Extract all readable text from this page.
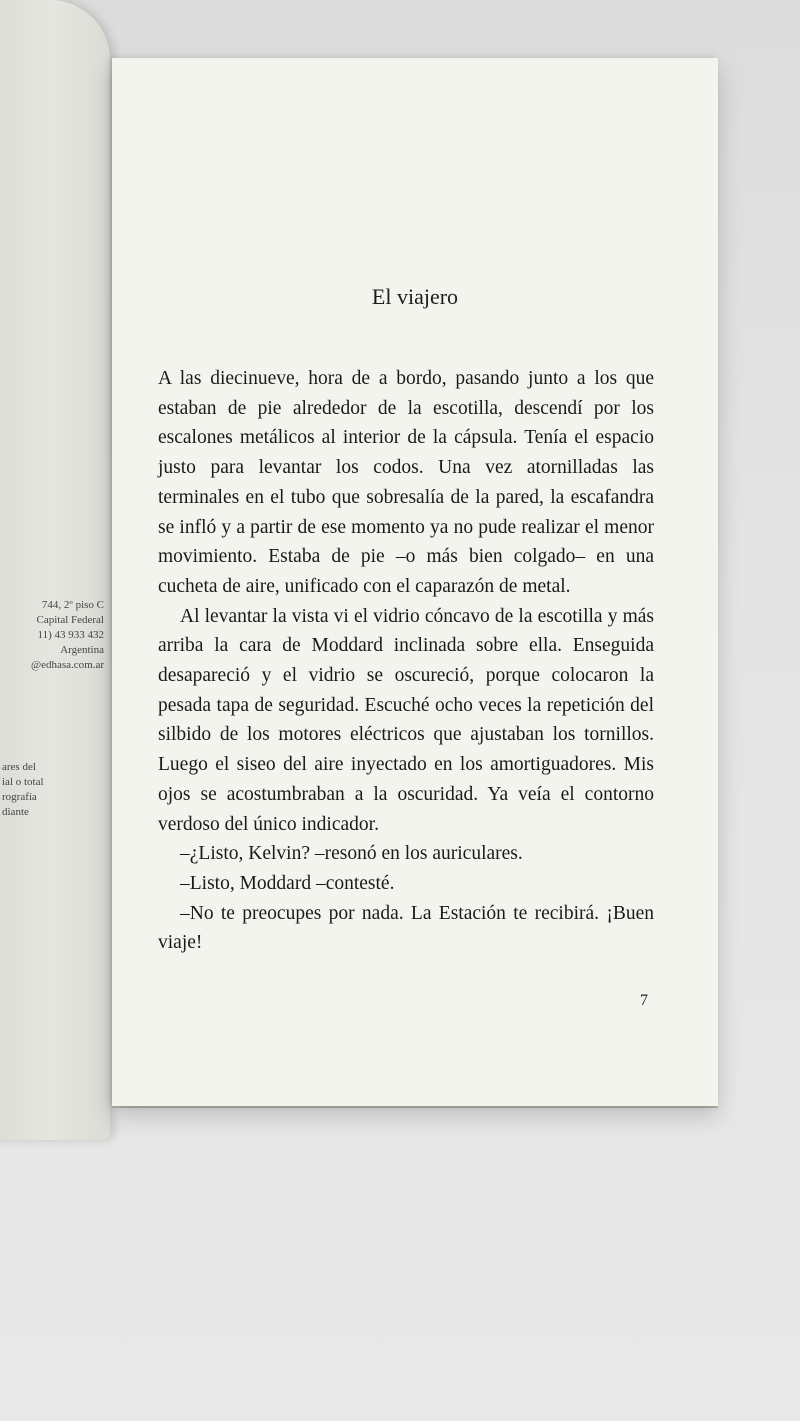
744, 2º piso C
Capital Federal
11) 43 933 432
Argentina
@edhasa.com.ar
ares del
ial o total
rografía
diante
El viajero

A las diecinueve, hora de a bordo, pasando junto a los que estaban de pie alrededor de la escotilla, descendí por los escalones metálicos al interior de la cápsula. Tenía el espacio justo para levantar los codos. Una vez atornilladas las terminales en el tubo que sobresalía de la pared, la escafandra se infló y a partir de ese momento ya no pude realizar el menor movimiento. Estaba de pie –o más bien colgado– en una cucheta de aire, unificado con el caparazón de metal.

Al levantar la vista vi el vidrio cóncavo de la escotilla y más arriba la cara de Moddard inclinada sobre ella. Enseguida desapareció y el vidrio se oscureció, porque colocaron la pesada tapa de seguridad. Escuché ocho veces la repetición del silbido de los motores eléctricos que ajustaban los tornillos. Luego el siseo del aire inyectado en los amortiguadores. Mis ojos se acostumbraban a la oscuridad. Ya veía el contorno verdoso del único indicador.

–¿Listo, Kelvin? –resonó en los auriculares.

–Listo, Moddard –contesté.

–No te preocupes por nada. La Estación te recibirá. ¡Buen viaje!

7
